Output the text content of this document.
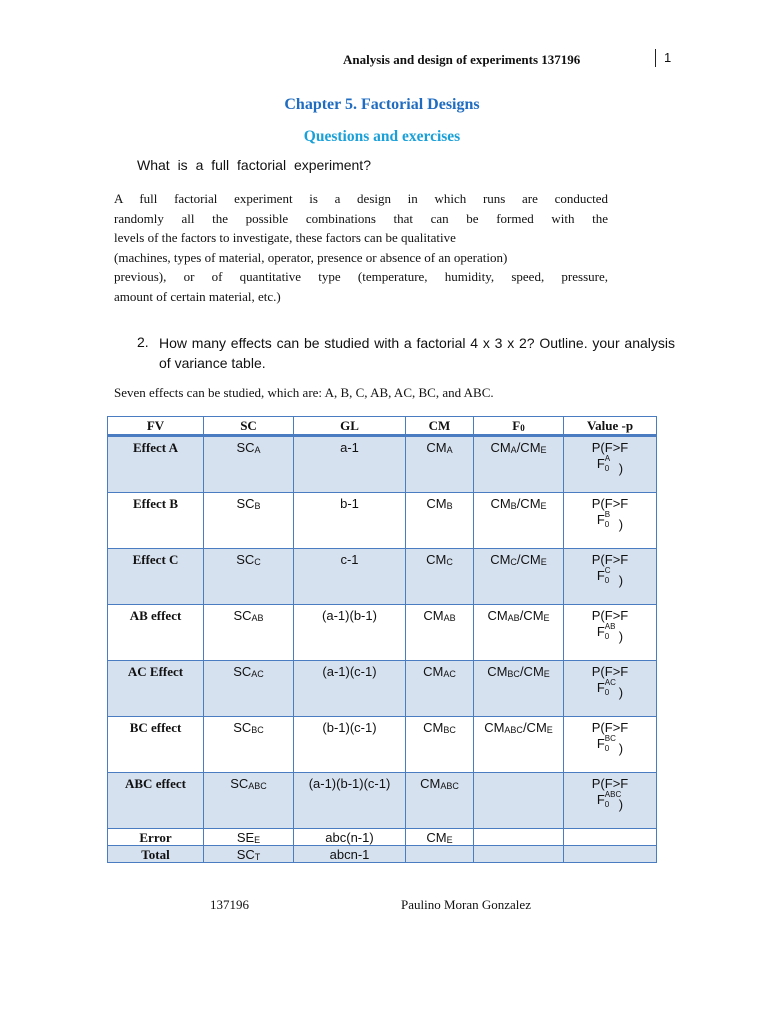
Analysis and design of experiments 137196	1
Chapter 5. Factorial Designs
Questions and exercises
What is a full factorial experiment?
A full factorial experiment is a design in which runs are conducted
randomly all the possible combinations that can be formed with the
levels of the factors to investigate, these factors can be qualitative
(machines, types of material, operator, presence or absence of an operation)
previous), or of quantitative type (temperature, humidity, speed, pressure,
amount of certain material, etc.)
2. How many effects can be studied with a factorial 4 x 3 x 2? Outline. your analysis of variance table.
Seven effects can be studied, which are: A, B, C, AB, AC, BC, and ABC.
FV	SC	GL	CM	$F_0$	Value -p
Effect A	$SC_A$	a-1	$CM_A$	$CM_A/CM_E$	P(F>F
F A
0 )

Effect B	$SC_B$	b-1	$CM_B$	$CM_B/CM_E$	P(F>F
F B
0 )

Effect C	$SC_C$	c-1	$CM_C$	$CM_C/CM_E$	P(F>F
F C
0 )

AB effect	$SC_{AB}$	(a-1)(b-1)	$CM_{AB}$	$CM_{AB}/CM_E$	P(F>F
F AB
0 )

AC Effect	$SC_{AC}$	(a-1)(c-1)	$CM_{AC}$	$CM_{BC}/CM_E$	P(F>F
F AC
0 )

BC effect	$SC_{BC}$	(b-1)(c-1)	$CM_{BC}$	$CM_{ABC}/CM_E$	P(F>F
F BC
0 )

ABC effect	$SC_{ABC}$	(a-1)(b-1)(c-1)	$CM_{ABC}$		P(F>F
F ABC
0 )

Error	$SE_E$	abc(n-1)	$CM_E$		
Total	$SC_T$	abcn-1			
137196	Paulino Moran Gonzalez
